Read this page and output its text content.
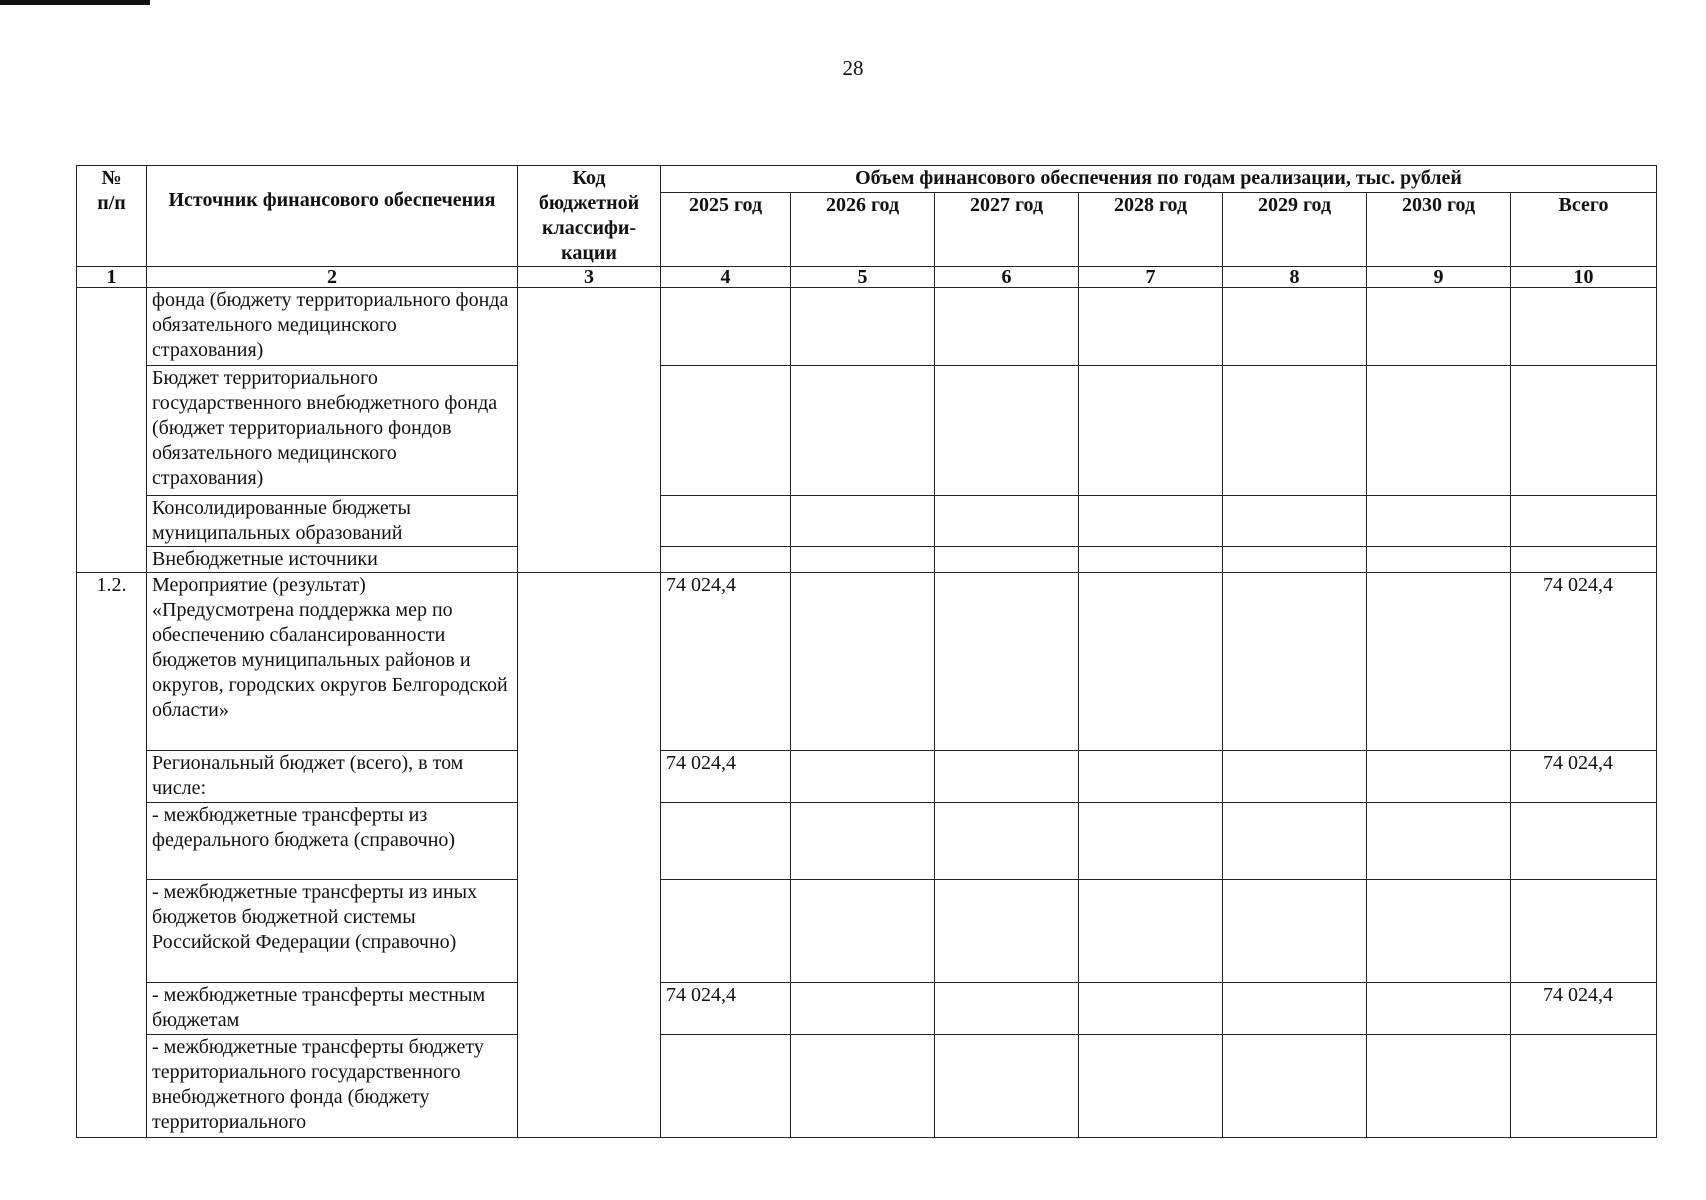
28
№
п/п	Источник финансового обеспечения	Код бюджетной классифи-кации	Объем финансового обеспечения по годам реализации, тыс. рублей						
			2025 год	2026 год	2027 год	2028 год	2029 год	2030 год	Всего
1	2	3	4	5	6	7	8	9	10
	фонда (бюджету территориального фонда обязательного медицинского страхования)								
	Бюджет территориального государственного внебюджетного фонда (бюджет территориального фондов обязательного медицинского страхования)								
	Консолидированные бюджеты муниципальных образований								
	Внебюджетные источники								
1.2.	Мероприятие (результат) «Предусмотрена поддержка мер по обеспечению сбалансированности бюджетов муниципальных районов и округов, городских округов Белгородской области»		74 024,4						74 024,4
	Региональный бюджет (всего), в том числе:		74 024,4						74 024,4
	- межбюджетные трансферты из федерального бюджета (справочно)								
	- межбюджетные трансферты из иных бюджетов бюджетной системы Российской Федерации (справочно)								
	- межбюджетные трансферты местным бюджетам		74 024,4						74 024,4
	- межбюджетные трансферты бюджету территориального государственного внебюджетного фонда (бюджету территориального								
